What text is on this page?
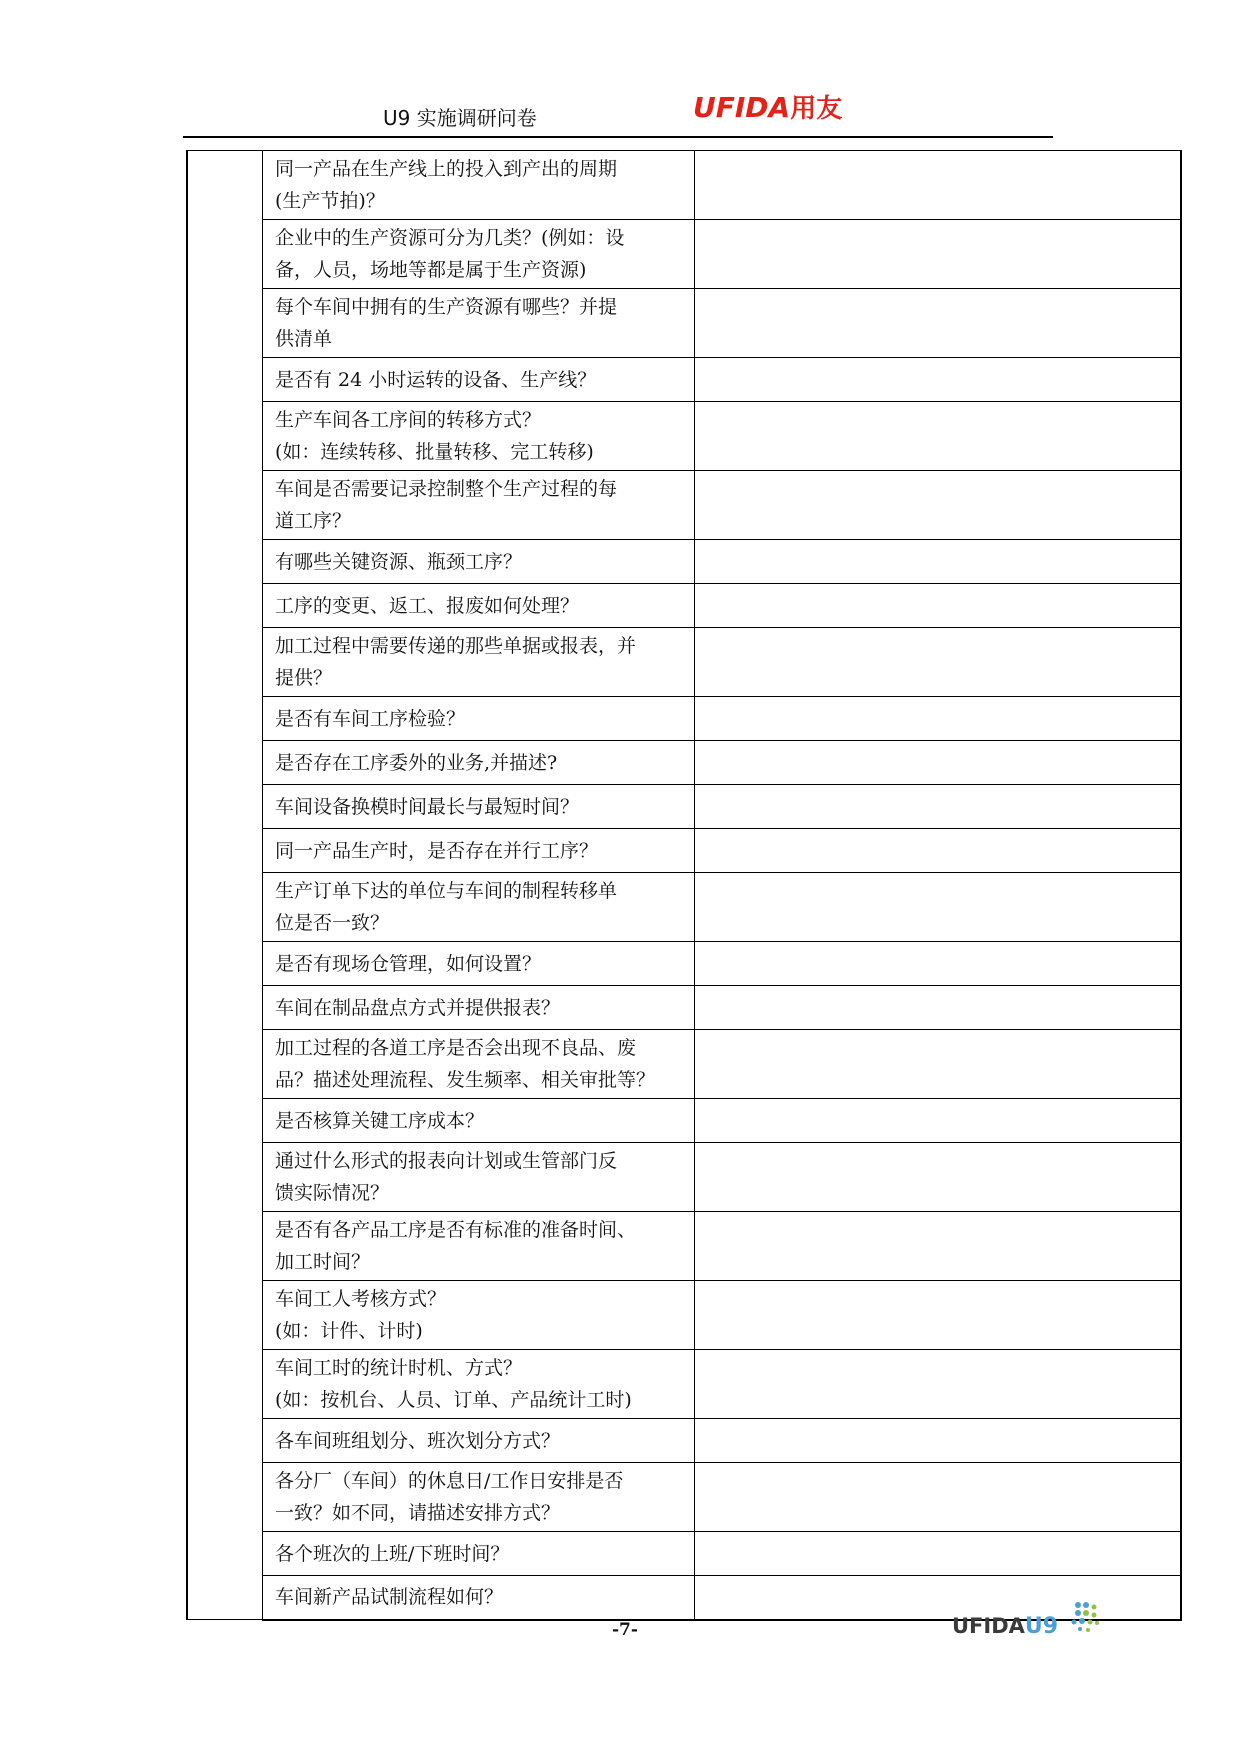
U9 实施调研问卷	UFIDA用友

	同一产品在生产线上的投入到产出的周期
(生产节拍)？	

	企业中的生产资源可分为几类？(例如：设
备，人员，场地等都是属于生产资源)	

	每个车间中拥有的生产资源有哪些？并提
供清单	

	是否有 24 小时运转的设备、生产线？	

	生产车间各工序间的转移方式？
(如：连续转移、批量转移、完工转移)	

	车间是否需要记录控制整个生产过程的每
道工序？	

	有哪些关键资源、瓶颈工序？	

	工序的变更、返工、报废如何处理？	

	加工过程中需要传递的那些单据或报表，并
提供？	

	是否有车间工序检验？	

	是否存在工序委外的业务,并描述?	

	车间设备换模时间最长与最短时间？	

	同一产品生产时，是否存在并行工序？	

	生产订单下达的单位与车间的制程转移单
位是否一致？	

	是否有现场仓管理，如何设置？	

	车间在制品盘点方式并提供报表？	

	加工过程的各道工序是否会出现不良品、废
品？描述处理流程、发生频率、相关审批等？	

	是否核算关键工序成本？	

	通过什么形式的报表向计划或生管部门反
馈实际情况？	

	是否有各产品工序是否有标准的准备时间、
加工时间？	

	车间工人考核方式？
(如：计件、计时)	

	车间工时的统计时机、方式？
(如：按机台、人员、订单、产品统计工时)	

	各车间班组划分、班次划分方式？	

	各分厂（车间）的休息日/工作日安排是否
一致？如不同，请描述安排方式？	

	各个班次的上班/下班时间？	

	车间新产品试制流程如何？	

-7-	UFIDAU9
